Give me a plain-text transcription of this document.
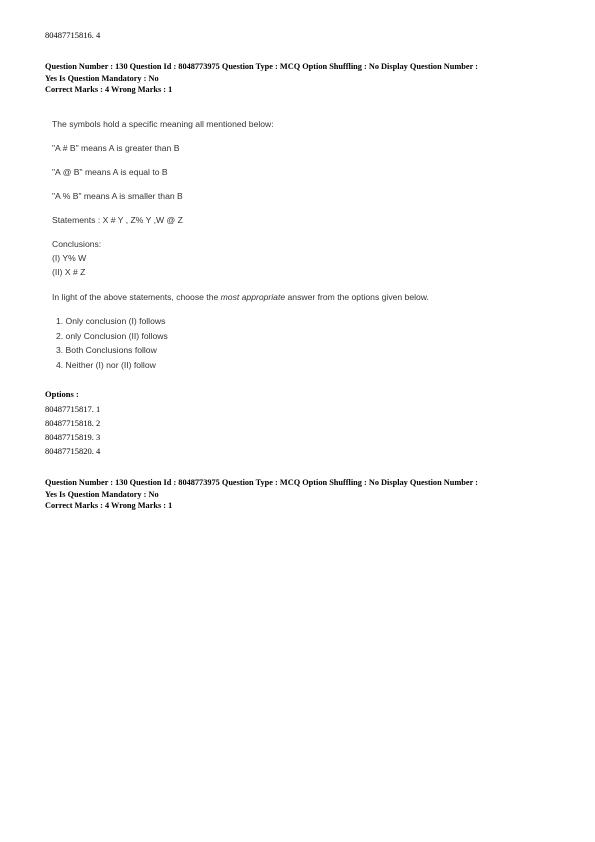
80487715816. 4
Question Number : 130 Question Id : 8048773975 Question Type : MCQ Option Shuffling : No Display Question Number :
Yes Is Question Mandatory : No
Correct Marks : 4 Wrong Marks : 1
The symbols hold a specific meaning all mentioned below:
"A # B" means A is greater than B
"A @ B" means A is equal to B
"A % B" means A is smaller than B
Statements : X # Y , Z% Y ,W @ Z
Conclusions:
(I) Y% W
(II) X # Z
In light of the above statements, choose the most appropriate answer from the options given below.
1. Only conclusion (I) follows
2. only Conclusion (II) follows
3. Both Conclusions follow
4. Neither (I) nor (II) follow
Options :
80487715817. 1
80487715818. 2
80487715819. 3
80487715820. 4
Question Number : 130 Question Id : 8048773975 Question Type : MCQ Option Shuffling : No Display Question Number :
Yes Is Question Mandatory : No
Correct Marks : 4 Wrong Marks : 1
